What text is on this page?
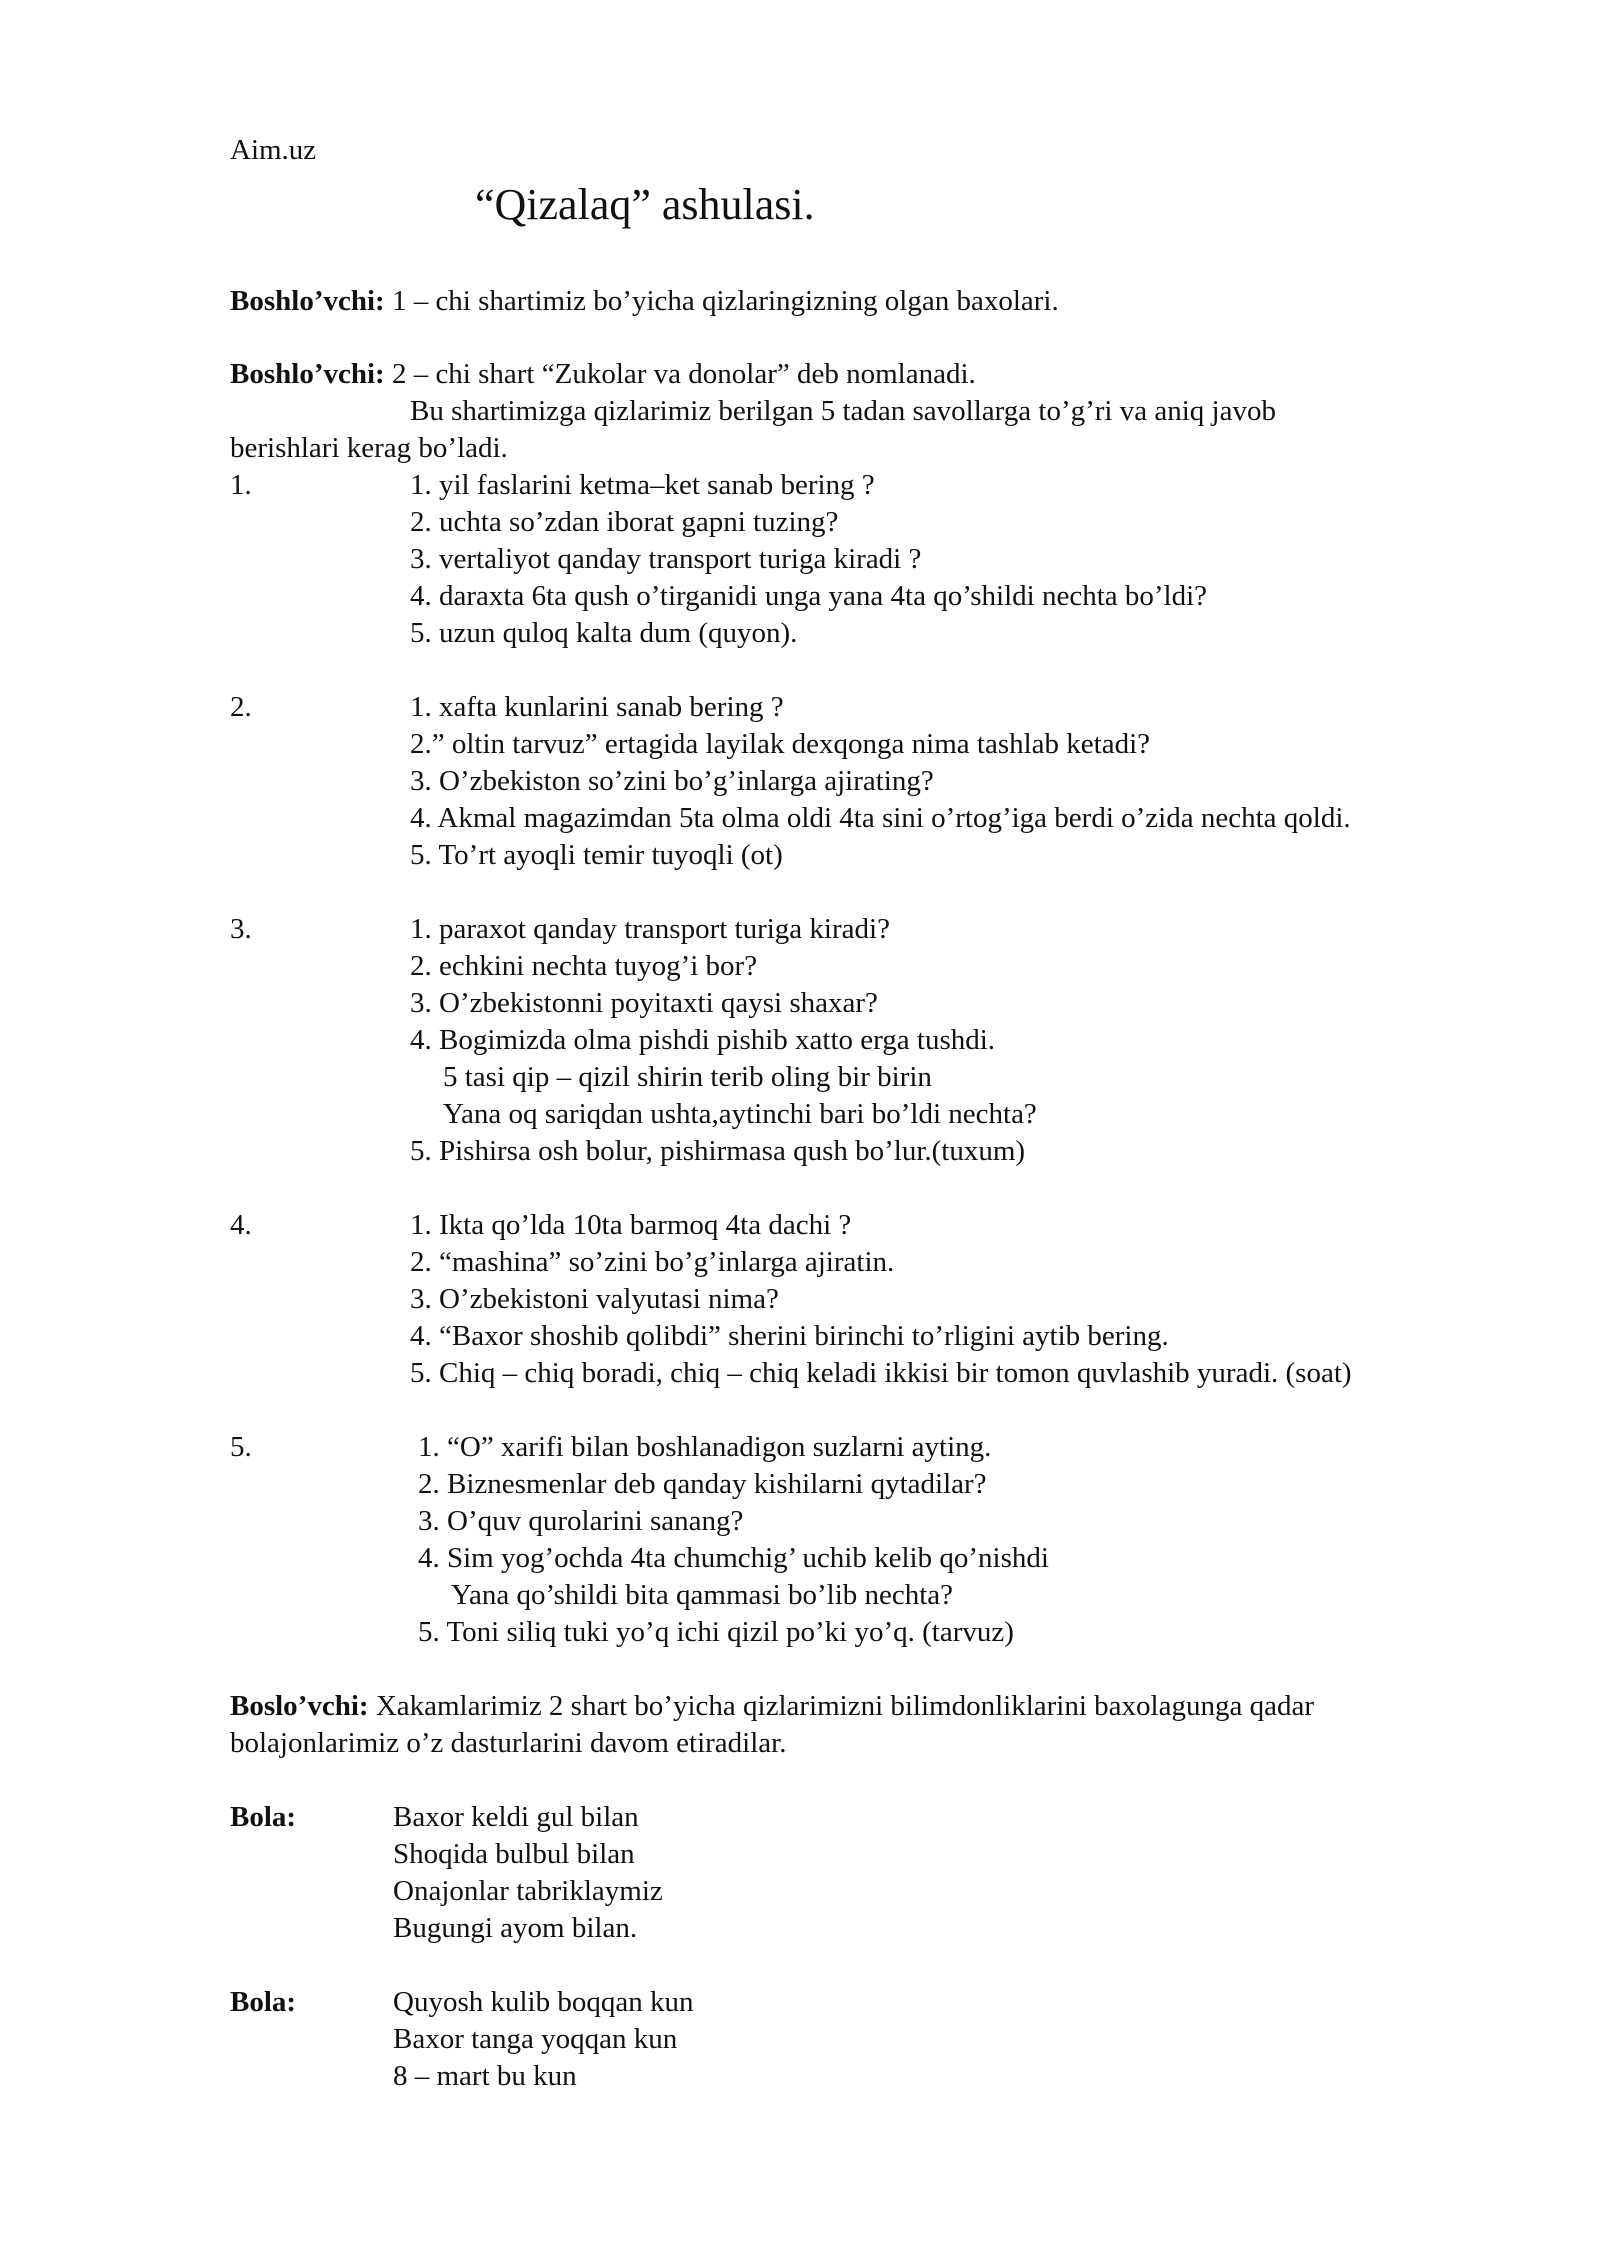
Aim.uz
“Qizalaq” ashulasi.

Boshlo’vchi: 1 – chi shartimiz bo’yicha qizlaringizning olgan baxolari.

Boshlo’vchi: 2 – chi shart “Zukolar va donolar” deb nomlanadi.

Bu shartimizga qizlarimiz berilgan 5 tadan savollarga to’g’ri va aniq javob
berishlari kerag bo’ladi.
1.	1. yil faslarini ketma–ket sanab bering ?
2. uchta so’zdan iborat gapni tuzing?
3. vertaliyot qanday transport turiga kiradi ?
4. daraxta 6ta qush o’tirganidi unga yana 4ta qo’shildi nechta bo’ldi?
5. uzun quloq kalta dum (quyon).
2.	1. xafta kunlarini sanab bering ?
2.” oltin tarvuz” ertagida layilak dexqonga nima tashlab ketadi?
3. O’zbekiston so’zini bo’g’inlarga ajirating?
4. Akmal magazimdan 5ta olma oldi 4ta sini o’rtog’iga berdi o’zida nechta qoldi.
5. To’rt ayoqli temir tuyoqli (ot)
3.	1. paraxot qanday transport turiga kiradi?
2. echkini nechta tuyog’i bor?
3. O’zbekistonni poyitaxti qaysi shaxar?
4. Bogimizda olma pishdi pishib xatto erga tushdi.
5 tasi qip – qizil shirin terib oling bir birin
Yana oq sariqdan ushta,aytinchi bari bo’ldi nechta?
5. Pishirsa osh bolur, pishirmasa qush bo’lur.(tuxum)
4.	1. Ikta qo’lda 10ta barmoq 4ta dachi ?
2. “mashina” so’zini bo’g’inlarga ajiratin.
3. O’zbekistoni valyutasi nima?
4. “Baxor shoshib qolibdi” sherini birinchi to’rligini aytib bering.
5. Chiq – chiq boradi, chiq – chiq keladi ikkisi bir tomon quvlashib yuradi. (soat)
5.	1. “O” xarifi bilan boshlanadigon suzlarni ayting.
2. Biznesmenlar deb qanday kishilarni qytadilar?
3. O’quv qurolarini sanang?
4. Sim yog’ochda 4ta chumchig’ uchib kelib qo’nishdi
Yana qo’shildi bita qammasi bo’lib nechta?
5. Toni siliq tuki yo’q ichi qizil po’ki yo’q. (tarvuz)

Boslo’vchi: Xakamlarimiz 2 shart bo’yicha qizlarimizni bilimdonliklarini baxolagungа qadar

bolajonlarimiz o’z dasturlarini davom etiradilar.
Bola:	Baxor keldi gul bilan
Shoqida bulbul bilan
Onajonlar tabriklaymiz
Bugungi ayom bilan.
Bola:	Quyosh kulib boqqan kun
Baxor tanga yoqqan kun
8 – mart bu kun
